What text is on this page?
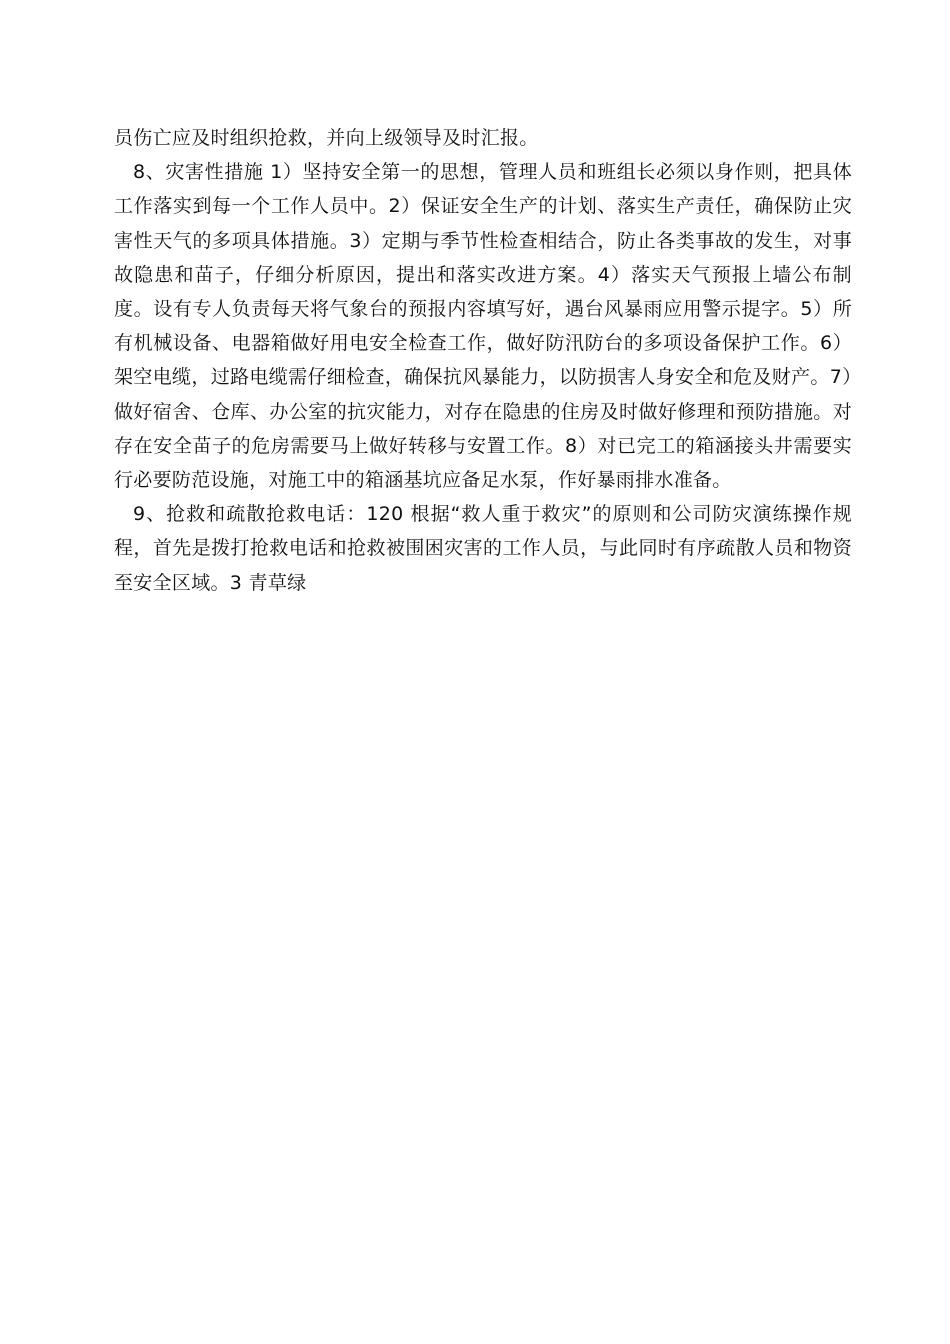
员伤亡应及时组织抢救，并向上级领导及时汇报。

8、灾害性措施 1）坚持安全第一的思想，管理人员和班组长必须以身作则，把具体工作落实到每一个工作人员中。2）保证安全生产的计划、落实生产责任，确保防止灾害性天气的多项具体措施。3）定期与季节性检查相结合，防止各类事故的发生，对事故隐患和苗子，仔细分析原因，提出和落实改进方案。4）落实天气预报上墙公布制度。设有专人负责每天将气象台的预报内容填写好，遇台风暴雨应用警示提字。5）所有机械设备、电器箱做好用电安全检查工作，做好防汛防台的多项设备保护工作。6）架空电缆，过路电缆需仔细检查，确保抗风暴能力，以防损害人身安全和危及财产。7）做好宿舍、仓库、办公室的抗灾能力，对存在隐患的住房及时做好修理和预防措施。对存在安全苗子的危房需要马上做好转移与安置工作。8）对已完工的箱涵接头井需要实行必要防范设施，对施工中的箱涵基坑应备足水泵，作好暴雨排水准备。

9、抢救和疏散抢救电话：120 根据“救人重于救灾”的原则和公司防灾演练操作规程，首先是拨打抢救电话和抢救被围困灾害的工作人员，与此同时有序疏散人员和物资至安全区域。3 青草绿
